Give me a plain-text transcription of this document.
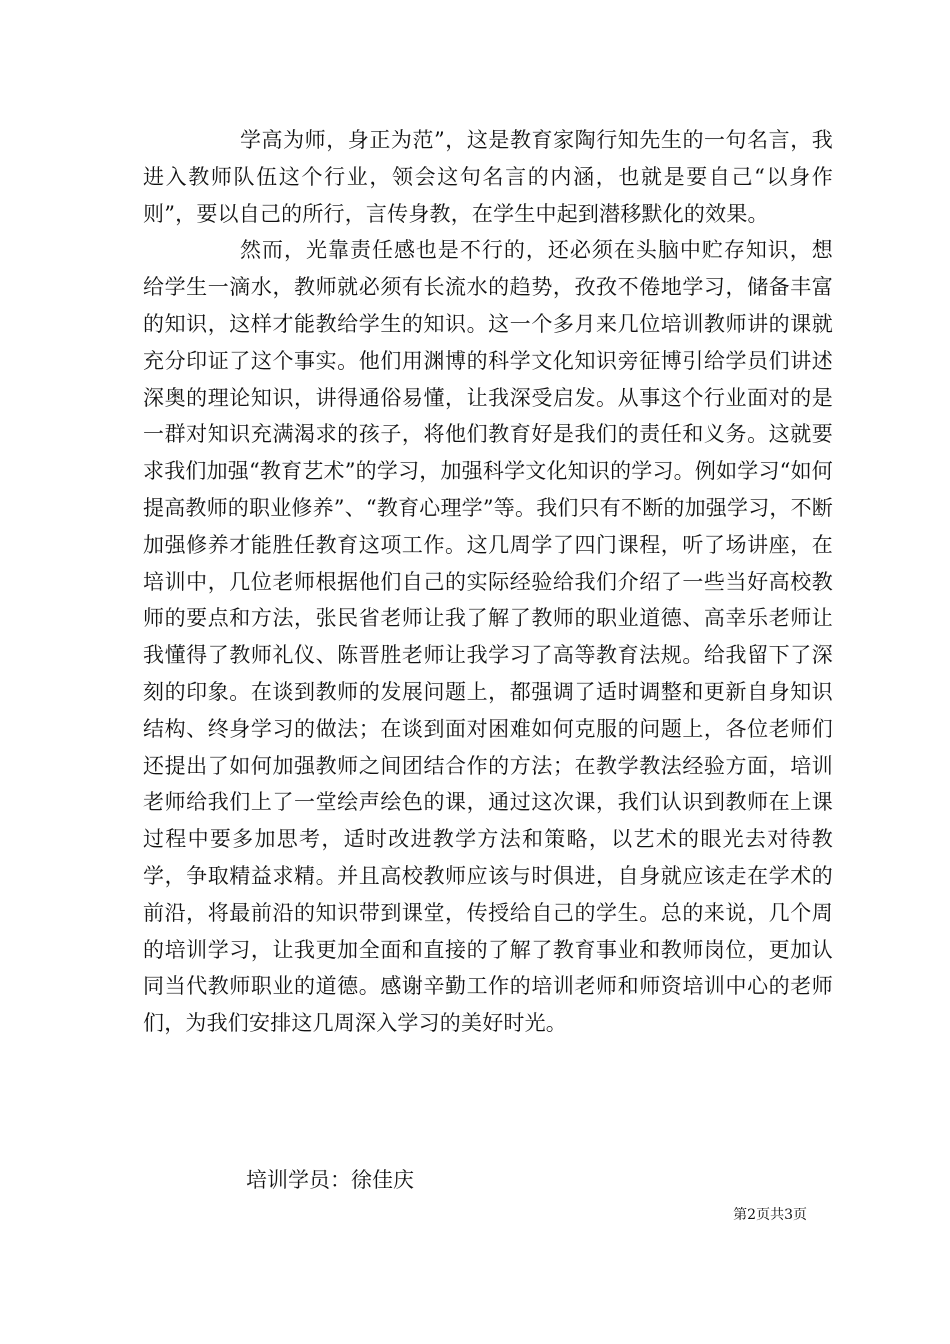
学高为师，身正为范”，这是教育家陶行知先生的一句名言，我进入教师队伍这个行业，领会这句名言的内涵，也就是要自己“以身作则”，要以自己的所行，言传身教，在学生中起到潜移默化的效果。

然而，光靠责任感也是不行的，还必须在头脑中贮存知识，想给学生一滴水，教师就必须有长流水的趋势，孜孜不倦地学习，储备丰富的知识，这样才能教给学生的知识。这一个多月来几位培训教师讲的课就充分印证了这个事实。他们用渊博的科学文化知识旁征博引给学员们讲述深奥的理论知识，讲得通俗易懂，让我深受启发。从事这个行业面对的是一群对知识充满渴求的孩子，将他们教育好是我们的责任和义务。这就要求我们加强“教育艺术”的学习，加强科学文化知识的学习。例如学习“如何提高教师的职业修养”、“教育心理学”等。我们只有不断的加强学习，不断加强修养才能胜任教育这项工作。这几周学了四门课程，听了场讲座，在培训中，几位老师根据他们自己的实际经验给我们介绍了一些当好高校教师的要点和方法，张民省老师让我了解了教师的职业道德、高幸乐老师让我懂得了教师礼仪、陈晋胜老师让我学习了高等教育法规。给我留下了深刻的印象。在谈到教师的发展问题上，都强调了适时调整和更新自身知识结构、终身学习的做法；在谈到面对困难如何克服的问题上，各位老师们还提出了如何加强教师之间团结合作的方法；在教学教法经验方面，培训老师给我们上了一堂绘声绘色的课，通过这次课，我们认识到教师在上课过程中要多加思考，适时改进教学方法和策略，以艺术的眼光去对待教学，争取精益求精。并且高校教师应该与时俱进，自身就应该走在学术的前沿，将最前沿的知识带到课堂，传授给自己的学生。总的来说，几个周的培训学习，让我更加全面和直接的了解了教育事业和教师岗位，更加认同当代教师职业的道德。感谢辛勤工作的培训老师和师资培训中心的老师们，为我们安排这几周深入学习的美好时光。

培训学员：徐佳庆
第2页共3页
